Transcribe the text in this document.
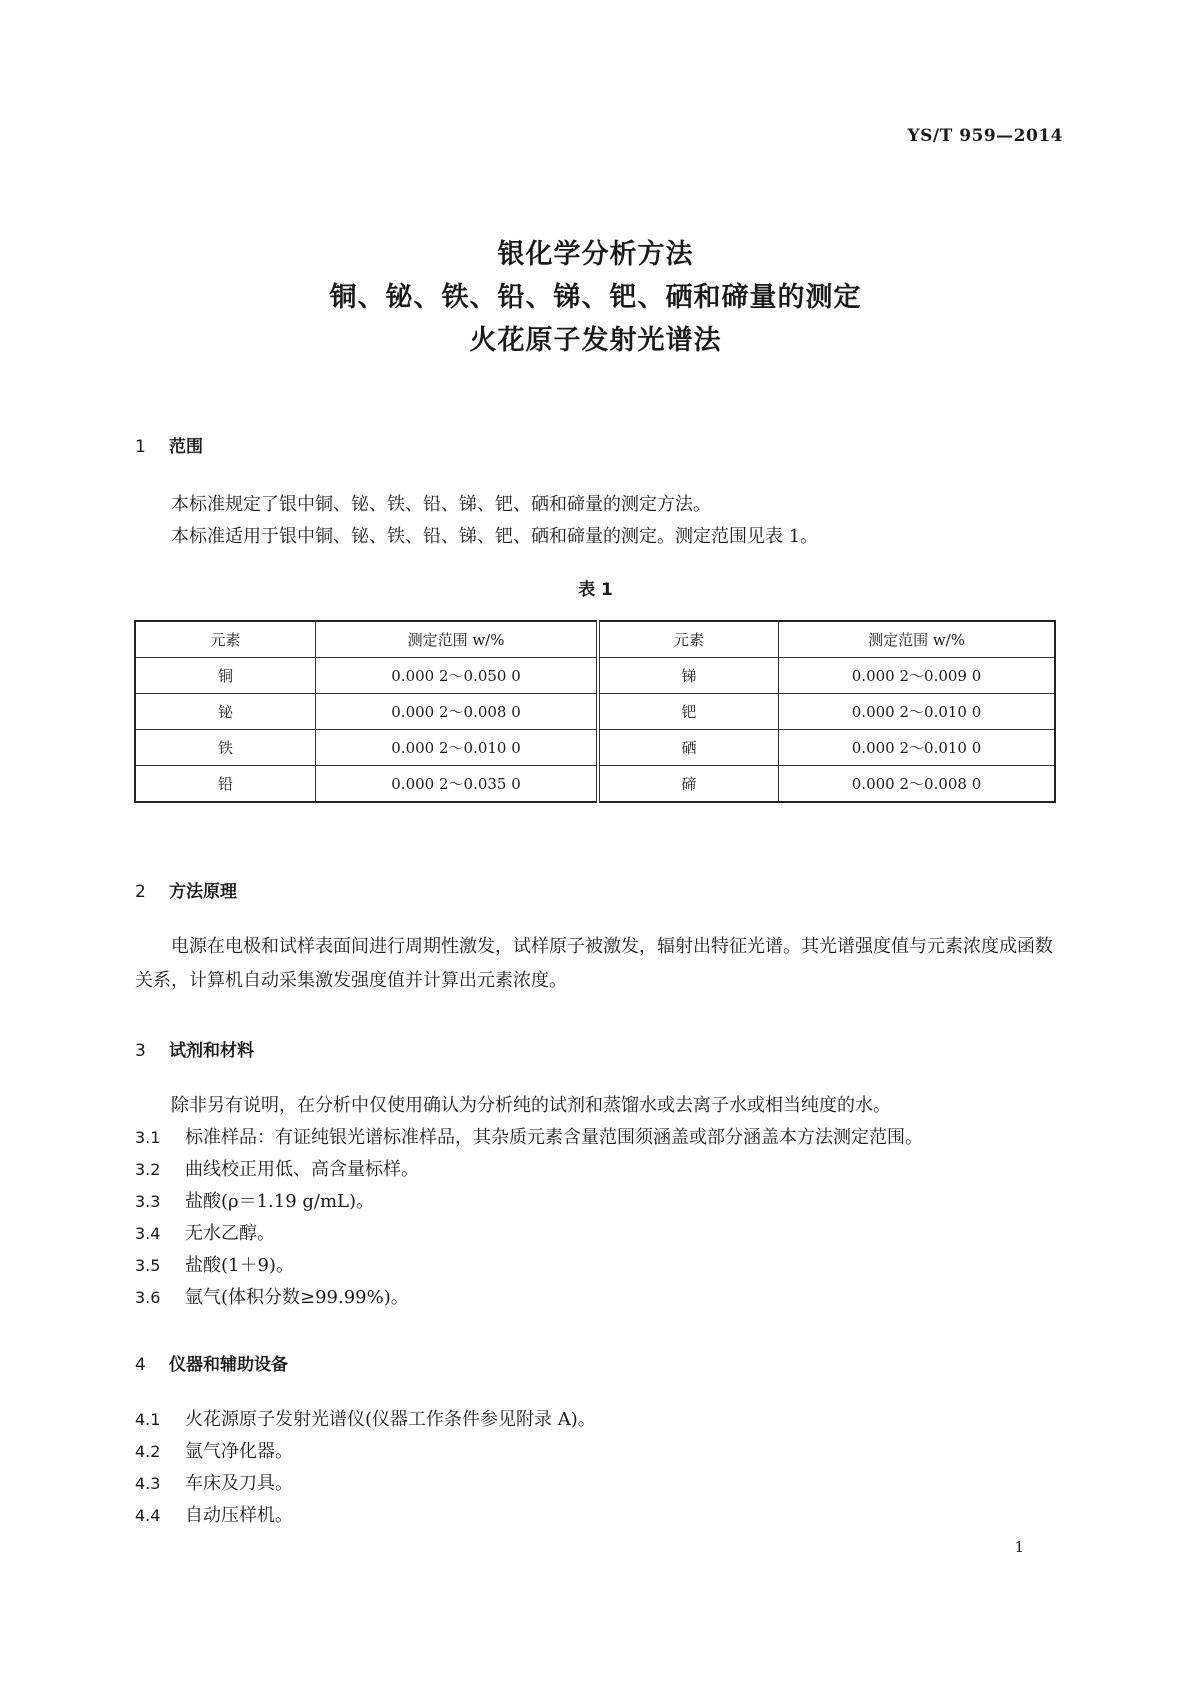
YS/T 959—2014
银化学分析方法
铜、铋、铁、铅、锑、钯、硒和碲量的测定
火花原子发射光谱法
1 范围
本标准规定了银中铜、铋、铁、铅、锑、钯、硒和碲量的测定方法。
本标准适用于银中铜、铋、铁、铅、锑、钯、硒和碲量的测定。测定范围见表 1。
表 1
元素	测定范围 w/%	元素	测定范围 w/%
铜	0.000 2～0.050 0	锑	0.000 2～0.009 0
铋	0.000 2～0.008 0	钯	0.000 2～0.010 0
铁	0.000 2～0.010 0	硒	0.000 2～0.010 0
铅	0.000 2～0.035 0	碲	0.000 2～0.008 0
2 方法原理
电源在电极和试样表面间进行周期性激发，试样原子被激发，辐射出特征光谱。其光谱强度值与元素浓度成函数关系，计算机自动采集激发强度值并计算出元素浓度。
3 试剂和材料
除非另有说明，在分析中仅使用确认为分析纯的试剂和蒸馏水或去离子水或相当纯度的水。
3.1 标准样品：有证纯银光谱标准样品，其杂质元素含量范围须涵盖或部分涵盖本方法测定范围。
3.2 曲线校正用低、高含量标样。
3.3 盐酸(ρ＝1.19 g/mL)。
3.4 无水乙醇。
3.5 盐酸(1＋9)。
3.6 氩气(体积分数≥99.99%)。
4 仪器和辅助设备
4.1 火花源原子发射光谱仪(仪器工作条件参见附录 A)。
4.2 氩气净化器。
4.3 车床及刀具。
4.4 自动压样机。
1
